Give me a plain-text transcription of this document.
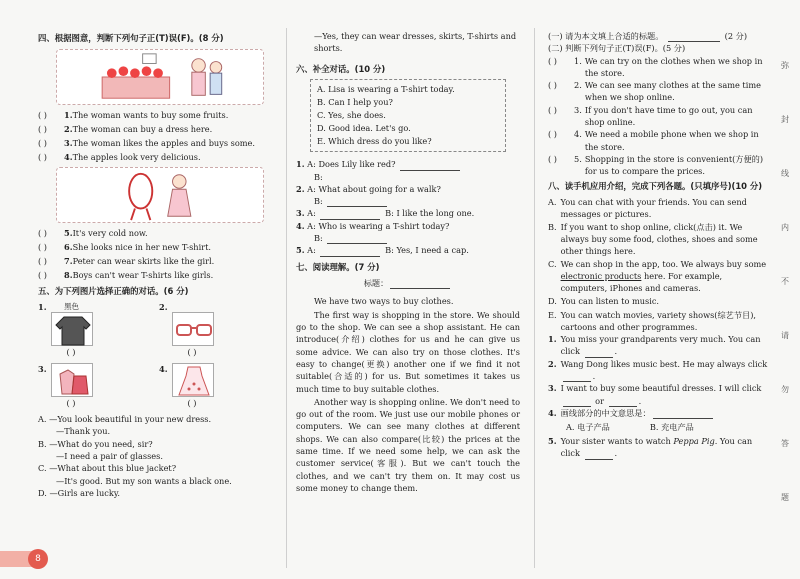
四、根据图意，判断下列句子正(T)误(F)。(8 分)
( )	1. The woman wants to buy some fruits.
( )	2. The woman can buy a dress here.
( )	3. The woman likes the apples and buys some.
( )	4. The apples look very delicious.
( )	5. It's very cold now.
( )	6. She looks nice in her new T-shirt.
( )	7. Peter can wear skirts like the girl.
( )	8. Boys can't wear T-shirts like girls.
五、为下列图片选择正确的对话。(6 分)
1.	黑色
( )
2.
( )
3.
( )
4.
( )
A. —You look beautiful in your new dress.
—Thank you.
B. —What do you need, sir?
—I need a pair of glasses.
C. —What about this blue jacket?
—It's good. But my son wants a black one.
D. —Girls are lucky.
—Yes, they can wear dresses, skirts, T-shirts and shorts.
六、补全对话。(10 分)
A. Lisa is wearing a T-shirt today.
B. Can I help you?
C. Yes, she does.
D. Good idea. Let's go.
E. Which dress do you like?
1. A: Does Lily like red?
B:
2. A: What about going for a walk?
B:
3. A:	B: I like the long one.
4. A: Who is wearing a T-shirt today?
B:
5. A:	B: Yes, I need a cap.
七、阅读理解。(7 分)
标题：
We have two ways to buy clothes.
The first way is shopping in the store. We should go to the shop. We can see a shop assistant. He can introduce(介绍) clothes for us and he can give us some advice. We can also try on those clothes. It's easy to change(更换) another one if we find it not suitable(合适的) for us. But sometimes it takes us much time to buy suitable clothes.
Another way is shopping online. We don't need to go out of the room. We just use our mobile phones or computers. We can see many clothes at different shops. We can also compare(比较) the prices at the same time. If we need some help, we can ask the customer service(客服). But we can't touch the clothes, and we can't try them on. It may cost us some money to change them.
(一) 请为本文填上合适的标题。	(2 分)
(二) 判断下列句子正(T)误(F)。(5 分)
( )	1. We can try on the clothes when we shop in the store.
( )	2. We can see many clothes at the same time when we shop online.
( )	3. If you don't have time to go out, you can shop online.
( )	4. We need a mobile phone when we shop in the store.
( )	5. Shopping in the store is convenient(方便的) for us to compare the prices.
八、读手机应用介绍，完成下列各题。(只填序号)(10 分)
A. You can chat with your friends. You can send messages or pictures.
B. If you want to shop online, click(点击) it. We always buy some food, clothes, shoes and some other things here.
C. We can shop in the app, too. We always buy some electronic products here. For example, computers, iPhones and cameras.
D. You can listen to music.
E. You can watch movies, variety shows(综艺节目), cartoons and other programmes.
1. You miss your grandparents very much. You can click	.
2. Wang Dong likes music best. He may always click .
3. I want to buy some beautiful dresses. I will click  or	.
4. 画线部分的中文意思是：
A. 电子产品	B. 充电产品
5. Your sister wants to watch Peppa Pig. You can click	.
弥
封
线
内
不
请
勿
答
题
8
